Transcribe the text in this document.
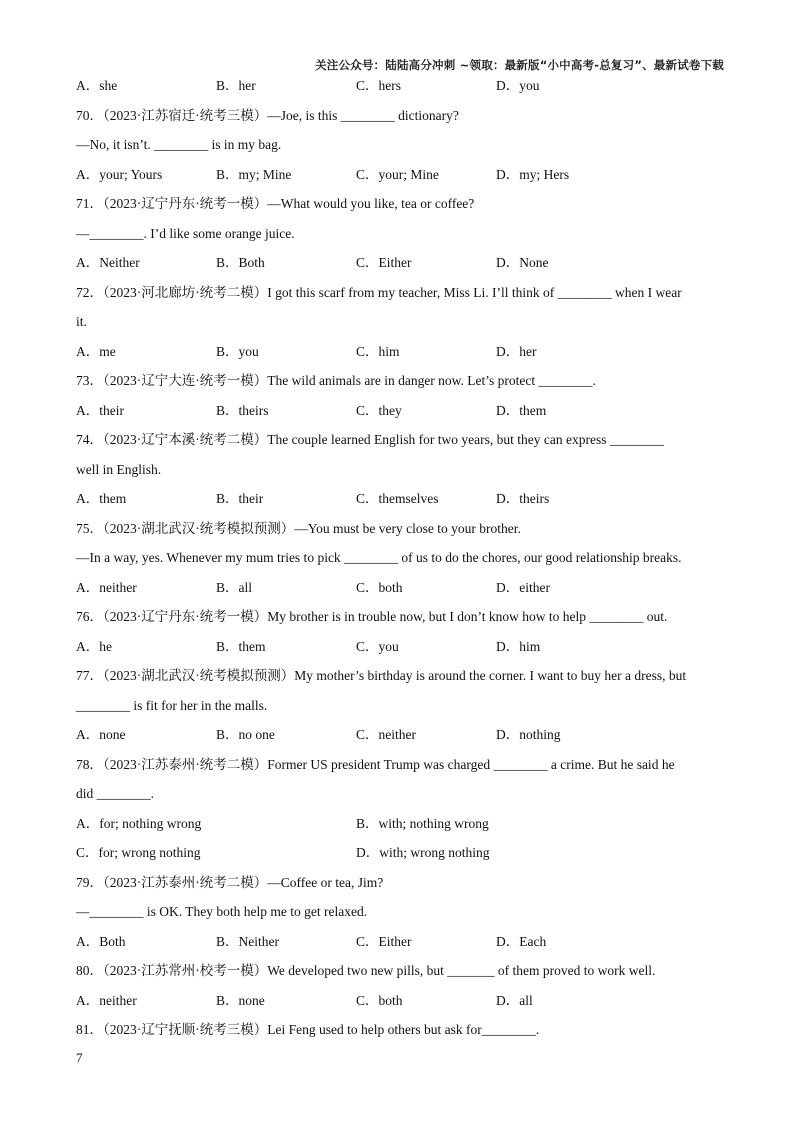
关注公众号：陆陆高分冲刺 ~领取：最新版“小中高考-总复习”、最新试卷下载
A．she	B．her	C．hers	D．you
70．（2023·江苏宿迁·统考三模）—Joe, is this ________ dictionary?
—No, it isn’t. ________ is in my bag.
A．your; Yours	B．my; Mine	C．your; Mine	D．my; Hers
71．（2023·辽宁丹东·统考一模）—What would you like, tea or coffee?
—________. I’d like some orange juice.
A．Neither	B．Both	C．Either	D．None
72．（2023·河北廊坊·统考二模）I got this scarf from my teacher, Miss Li. I’ll think of ________ when I wear
it.
A．me	B．you	C．him	D．her
73．（2023·辽宁大连·统考一模）The wild animals are in danger now. Let’s protect ________.
A．their	B．theirs	C．they	D．them
74．（2023·辽宁本溪·统考二模）The couple learned English for two years, but they can express ________
well in English.
A．them	B．their	C．themselves	D．theirs
75．（2023·湖北武汉·统考模拟预测）—You must be very close to your brother.
—In a way, yes. Whenever my mum tries to pick ________ of us to do the chores, our good relationship breaks.
A．neither	B．all	C．both	D．either
76．（2023·辽宁丹东·统考一模）My brother is in trouble now, but I don’t know how to help ________ out.
A．he	B．them	C．you	D．him
77．（2023·湖北武汉·统考模拟预测）My mother’s birthday is around the corner. I want to buy her a dress, but
________ is fit for her in the malls.
A．none	B．no one	C．neither	D．nothing
78．（2023·江苏泰州·统考二模）Former US president Trump was charged ________ a crime. But he said he
did ________.
A．for; nothing wrong	B．with; nothing wrong
C．for; wrong nothing	D．with; wrong nothing
79．（2023·江苏泰州·统考二模）—Coffee or tea, Jim?
—________ is OK. They both help me to get relaxed.
A．Both	B．Neither	C．Either	D．Each
80．（2023·江苏常州·校考一模）We developed two new pills, but _______ of them proved to work well.
A．neither	B．none	C．both	D．all
81．（2023·辽宁抚顺·统考三模）Lei Feng used to help others but ask for________.
7
